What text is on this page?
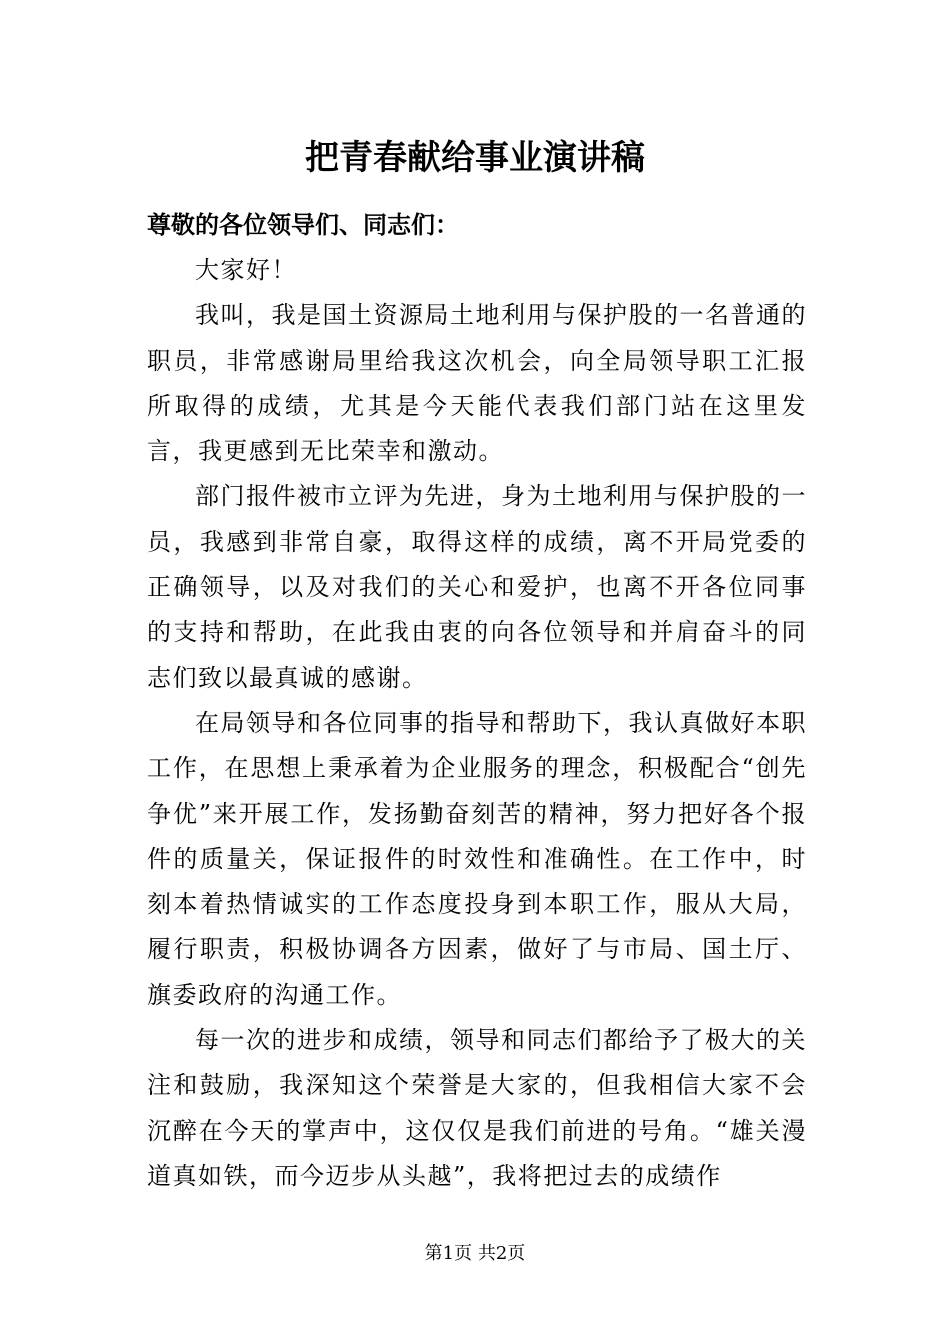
把青春献给事业演讲稿
尊敬的各位领导们、同志们：

大家好！

我叫，我是国土资源局土地利用与保护股的一名普通的职员，非常感谢局里给我这次机会，向全局领导职工汇报所取得的成绩，尤其是今天能代表我们部门站在这里发言，我更感到无比荣幸和激动。

部门报件被市立评为先进，身为土地利用与保护股的一员，我感到非常自豪，取得这样的成绩，离不开局党委的正确领导，以及对我们的关心和爱护，也离不开各位同事的支持和帮助，在此我由衷的向各位领导和并肩奋斗的同志们致以最真诚的感谢。

在局领导和各位同事的指导和帮助下，我认真做好本职工作，在思想上秉承着为企业服务的理念，积极配合“创先争优”来开展工作，发扬勤奋刻苦的精神，努力把好各个报件的质量关，保证报件的时效性和准确性。在工作中，时刻本着热情诚实的工作态度投身到本职工作，服从大局，履行职责，积极协调各方因素，做好了与市局、国土厅、旗委政府的沟通工作。

每一次的进步和成绩，领导和同志们都给予了极大的关注和鼓励，我深知这个荣誉是大家的，但我相信大家不会沉醉在今天的掌声中，这仅仅是我们前进的号角。“雄关漫道真如铁，而今迈步从头越”，我将把过去的成绩作

第1页 共2页
